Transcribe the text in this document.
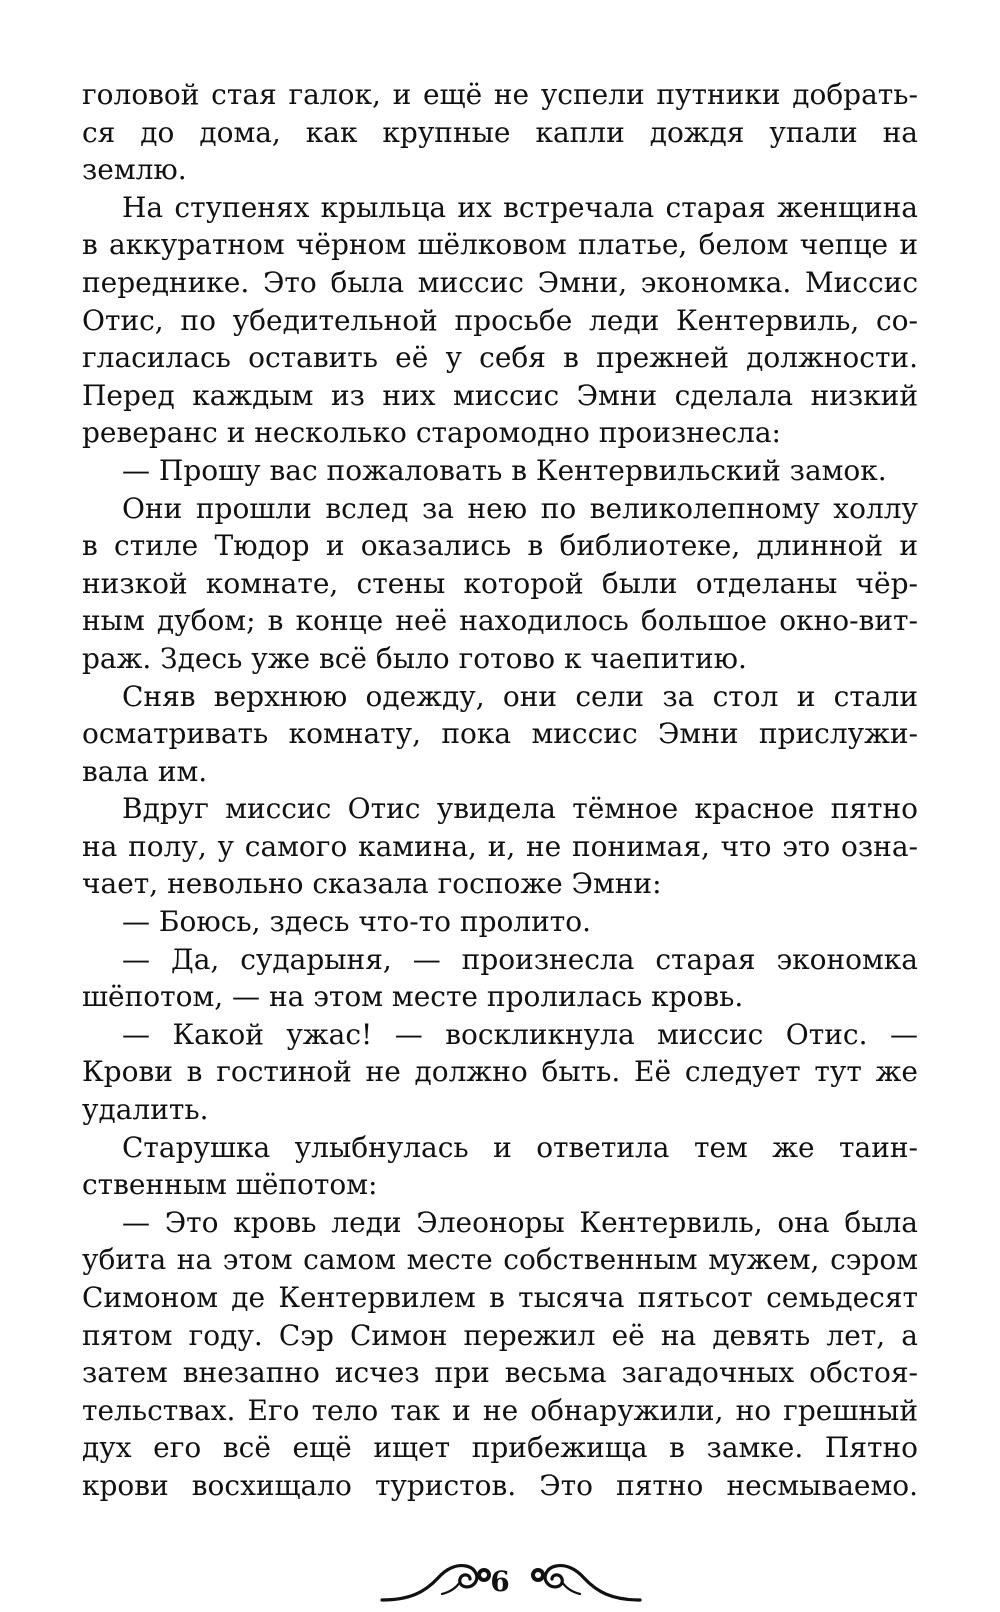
головой стая галок, и ещё не успели путники добрать-
ся до дома, как крупные капли дождя упали на
землю.
На ступенях крыльца их встречала старая женщина
в аккуратном чёрном шёлковом платье, белом чепце и
переднике. Это была миссис Эмни, экономка. Миссис
Отис, по убедительной просьбе леди Кентервиль, со-
гласилась оставить её у себя в прежней должности.
Перед каждым из них миссис Эмни сделала низкий
реверанс и несколько старомодно произнесла:
— Прошу вас пожаловать в Кентервильский замок.
Они прошли вслед за нею по великолепному холлу
в стиле Тюдор и оказались в библиотеке, длинной и
низкой комнате, стены которой были отделаны чёр-
ным дубом; в конце неё находилось большое окно-вит-
раж. Здесь уже всё было готово к чаепитию.
Сняв верхнюю одежду, они сели за стол и стали
осматривать комнату, пока миссис Эмни прислужи-
вала им.
Вдруг миссис Отис увидела тёмное красное пятно
на полу, у самого камина, и, не понимая, что это озна-
чает, невольно сказала госпоже Эмни:
— Боюсь, здесь что-то пролито.
— Да, сударыня, — произнесла старая экономка
шёпотом, — на этом месте пролилась кровь.
— Какой ужас! — воскликнула миссис Отис. —
Крови в гостиной не должно быть. Её следует тут же
удалить.
Старушка улыбнулась и ответила тем же таин-
ственным шёпотом:
— Это кровь леди Элеоноры Кентервиль, она была
убита на этом самом месте собственным мужем, сэром
Симоном де Кентервилем в тысяча пятьсот семьдесят
пятом году. Сэр Симон пережил её на девять лет, а
затем внезапно исчез при весьма загадочных обстоя-
тельствах. Его тело так и не обнаружили, но грешный
дух его всё ещё ищет прибежища в замке. Пятно
крови восхищало туристов. Это пятно несмываемо.
6
